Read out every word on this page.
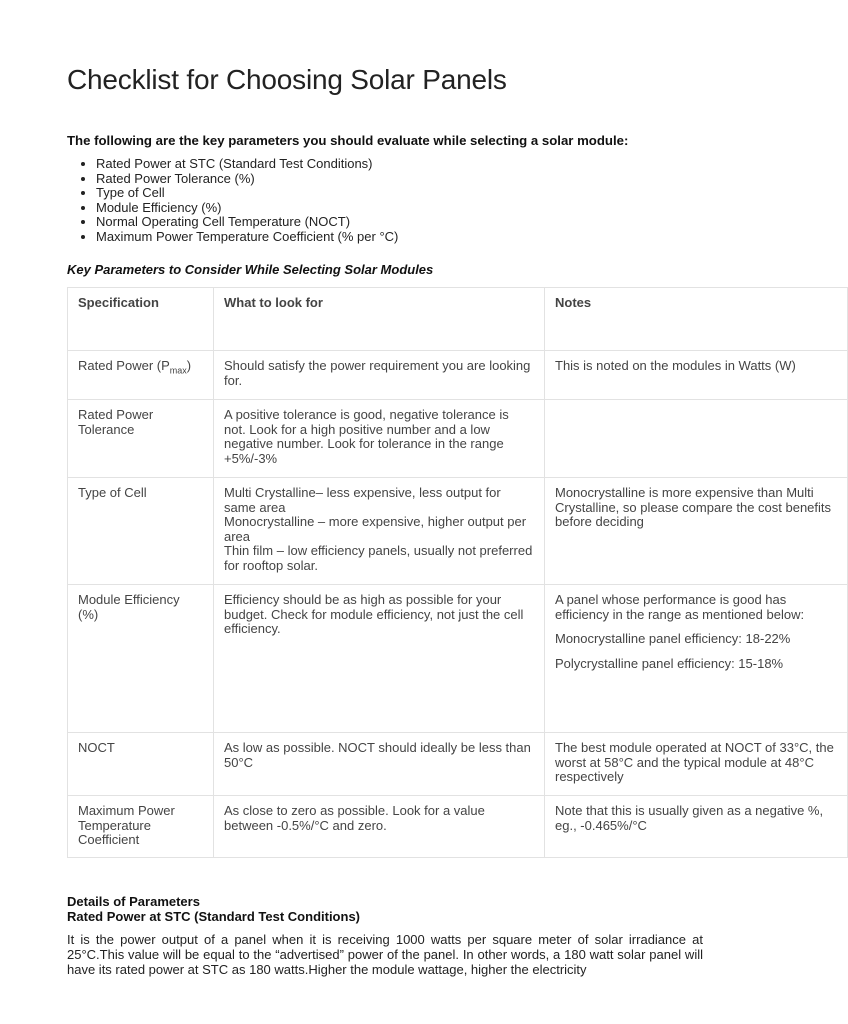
Checklist for Choosing Solar Panels

The following are the key parameters you should evaluate while selecting a solar module:

• Rated Power at STC (Standard Test Conditions)
• Rated Power Tolerance (%)
• Type of Cell
• Module Efficiency (%)
• Normal Operating Cell Temperature (NOCT)
• Maximum Power Temperature Coefficient (% per °C)

Key Parameters to Consider While Selecting Solar Modules

Specification	What to look for	Notes
Rated Power $(P_{max})$	Should satisfy the power requirement you are looking for.	This is noted on the modules in Watts (W)

Rated Power Tolerance	A positive tolerance is good, negative tolerance is not. Look for a high positive number and a low negative number. Look for tolerance in the range +5%/-3%	

Type of Cell	Multi Crystalline– less expensive, less output for same area
Monocrystalline – more expensive, higher output per area
Thin film – low efficiency panels, usually not preferred for rooftop solar.	Monocrystalline is more expensive than Multi Crystalline, so please compare the cost benefits before deciding

Module Efficiency (%)	Efficiency should be as high as possible for your budget. Check for module efficiency, not just the cell efficiency.	A panel whose performance is good has efficiency in the range as mentioned below:

Monocrystalline panel efficiency: 18-22%

Polycrystalline panel efficiency: 15-18%

NOCT	As low as possible. NOCT should ideally be less than 50°C	The best module operated at NOCT of 33°C, the worst at 58°C and the typical module at 48°C respectively

Maximum Power Temperature Coefficient	As close to zero as possible. Look for a value between -0.5%/°C and zero.	Note that this is usually given as a negative %, eg., -0.465%/°C

Details of Parameters
Rated Power at STC (Standard Test Conditions)

It is the power output of a panel when it is receiving 1000 watts per square meter of solar irradiance at 25°C.This value will be equal to the “advertised” power of the panel. In other words, a 180 watt solar panel will have its rated power at STC as 180 watts.Higher the module wattage, higher the electricity
